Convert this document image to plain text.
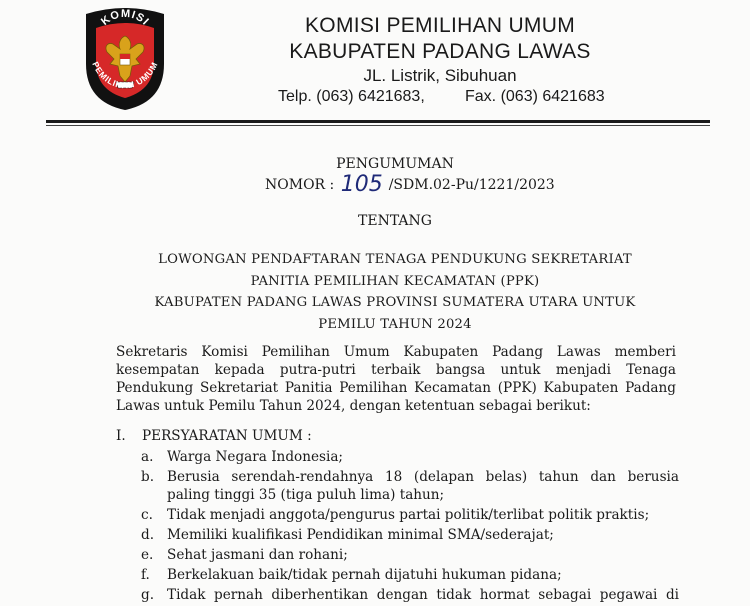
KOMISI
PEMILIHAN UMUM
KOMISI PEMILIHAN UMUM
KABUPATEN PADANG LAWAS
JL. Listrik, Sibuhuan
Telp. (063) 6421683,	Fax. (063) 6421683
PENGUMUMAN
NOMOR : 105 /SDM.02-Pu/1221/2023
TENTANG
LOWONGAN PENDAFTARAN TENAGA PENDUKUNG SEKRETARIAT
PANITIA PEMILIHAN KECAMATAN (PPK)
KABUPATEN PADANG LAWAS PROVINSI SUMATERA UTARA UNTUK
PEMILU TAHUN 2024
Sekretaris Komisi Pemilihan Umum Kabupaten Padang Lawas memberi
kesempatan kepada putra-putri terbaik bangsa untuk menjadi Tenaga
Pendukung Sekretariat Panitia Pemilihan Kecamatan (PPK) Kabupaten Padang
Lawas untuk Pemilu Tahun 2024, dengan ketentuan sebagai berikut:
I. PERSYARATAN UMUM :
a. Warga Negara Indonesia;
b. Berusia serendah-rendahnya 18 (delapan belas) tahun dan berusia
paling tinggi 35 (tiga puluh lima) tahun;
c. Tidak menjadi anggota/pengurus partai politik/terlibat politik praktis;
d. Memiliki kualifikasi Pendidikan minimal SMA/sederajat;
e. Sehat jasmani dan rohani;
f. Berkelakuan baik/tidak pernah dijatuhi hukuman pidana;
g. Tidak pernah diberhentikan dengan tidak hormat sebagai pegawai di
